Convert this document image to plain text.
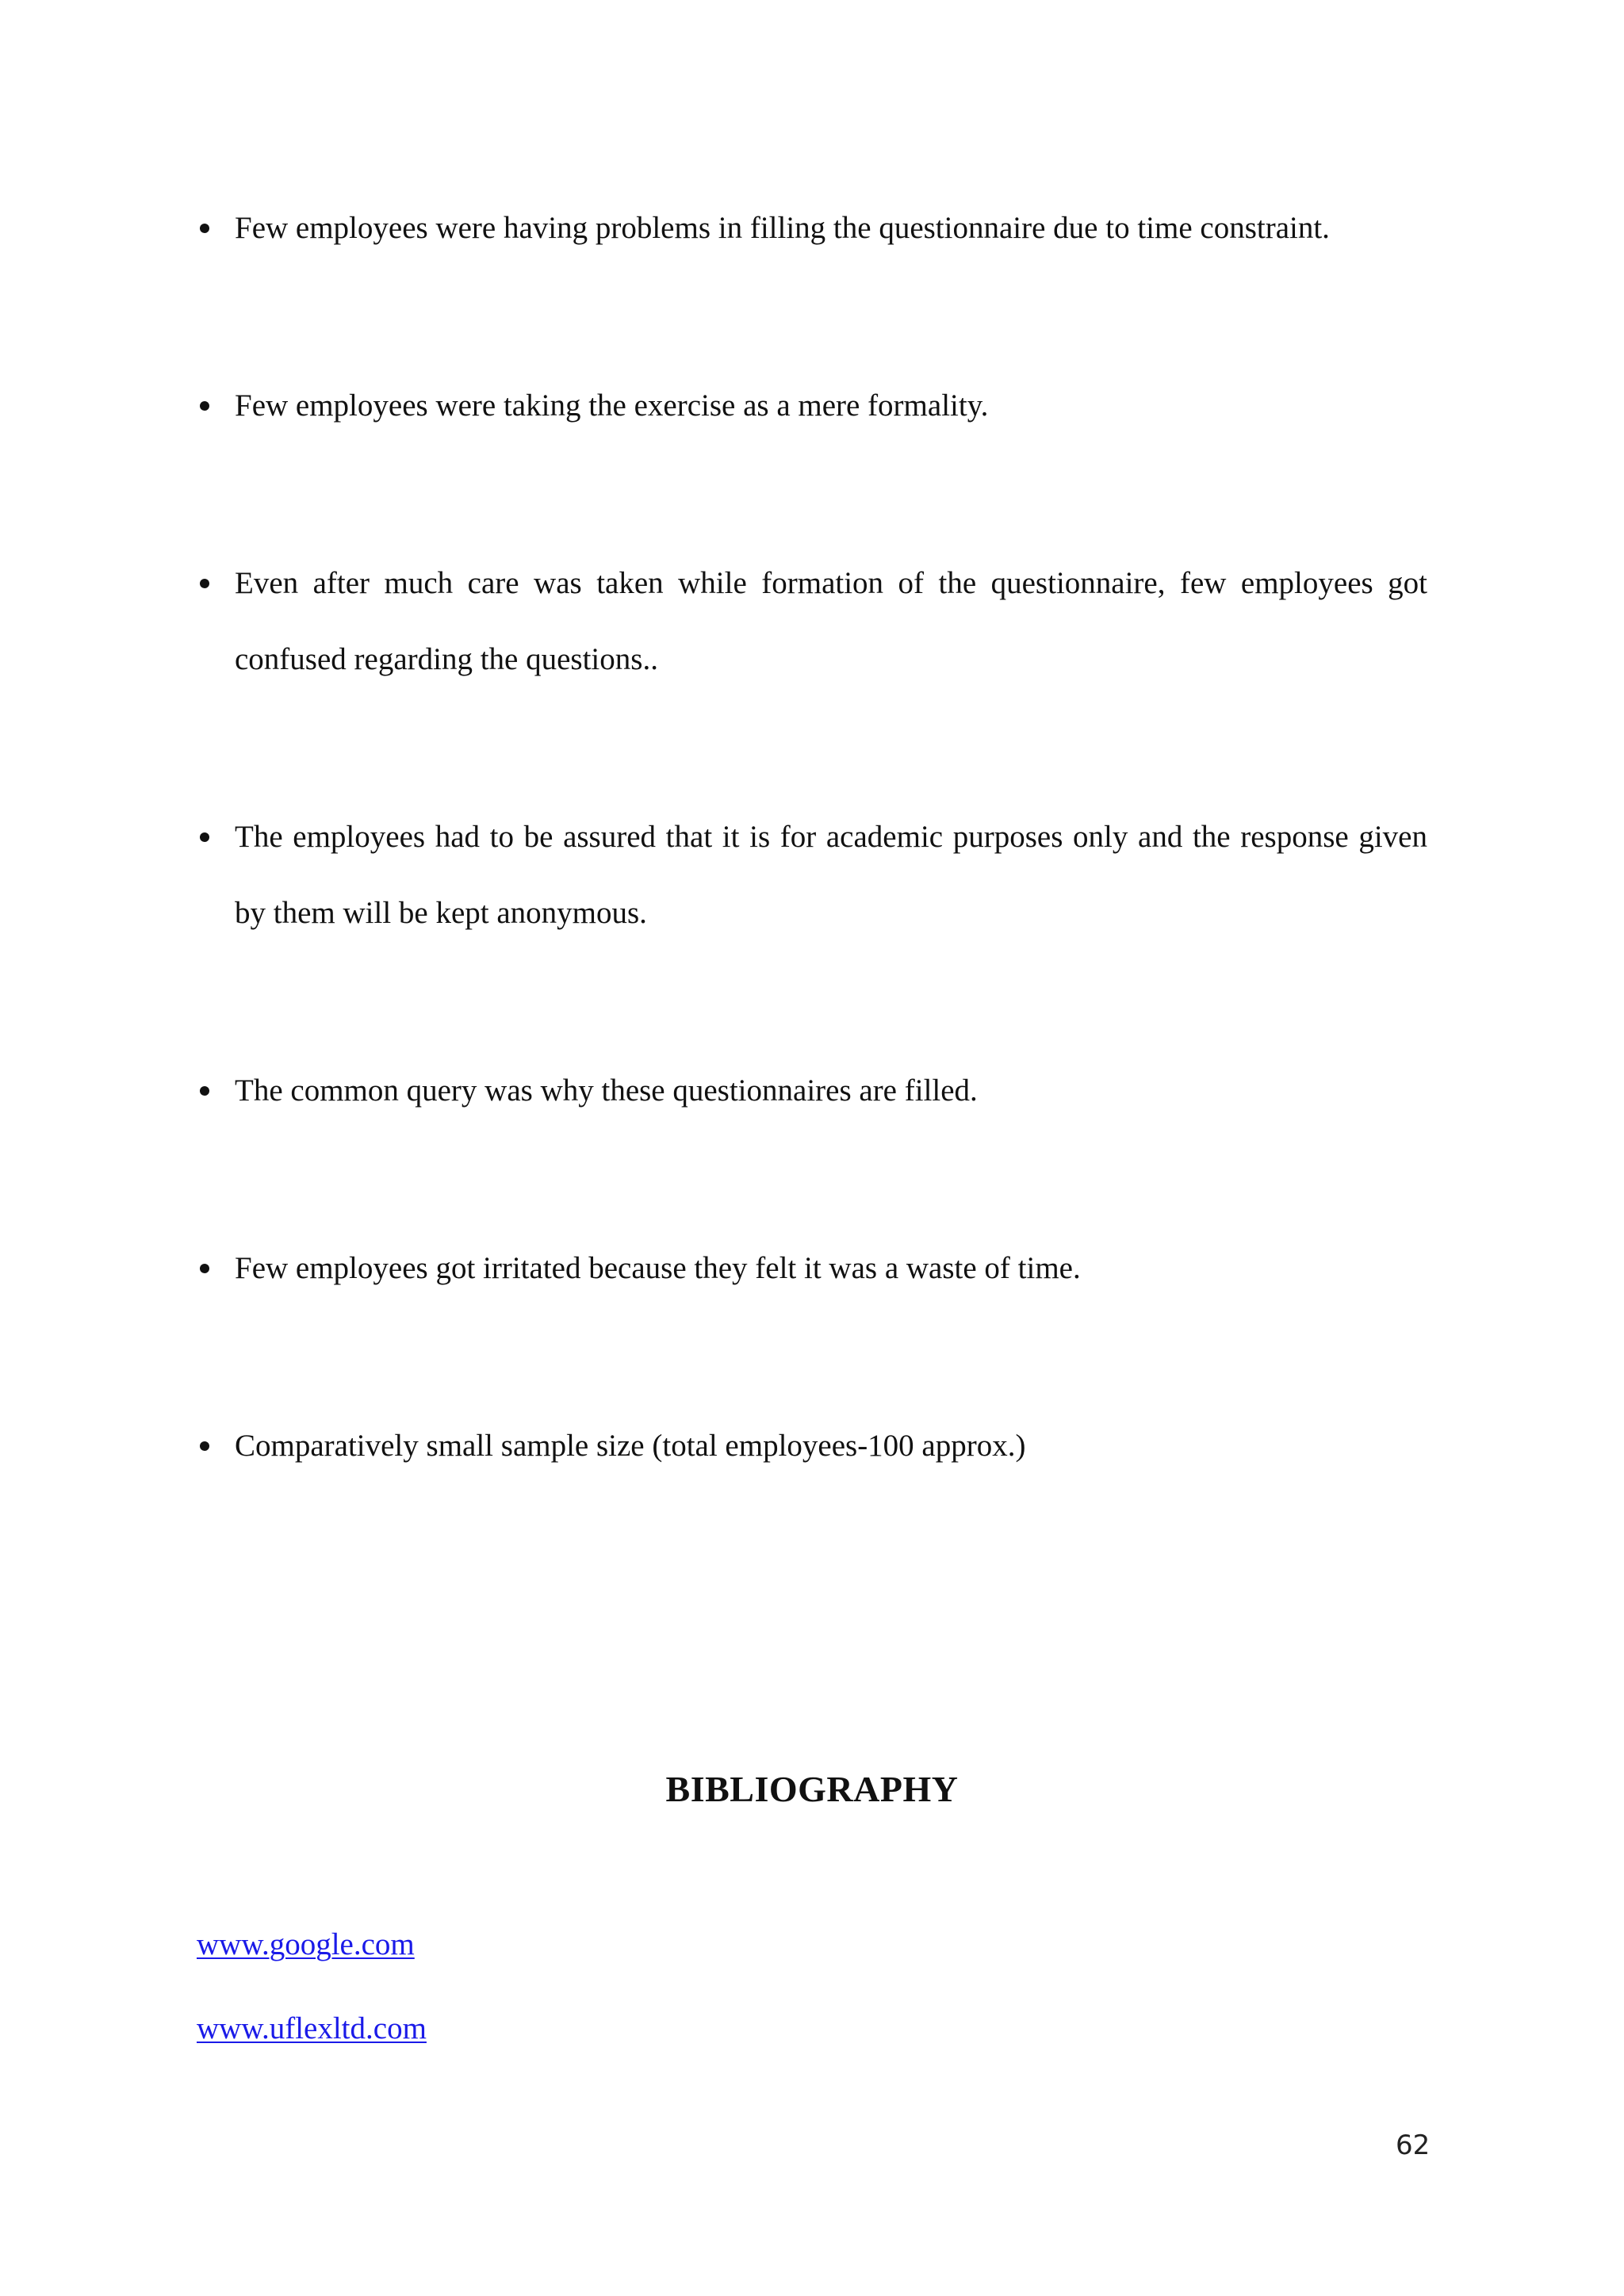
Few employees were having problems in filling the questionnaire due to time constraint.
Few employees were taking the exercise as a mere formality.
Even after much care was taken while formation of the questionnaire, few employees got confused regarding the questions..
The employees had to be assured that it is for academic purposes only and the response given by them will be kept anonymous.
The common query was why these questionnaires are filled.
Few employees got irritated because they felt it was a waste of time.
Comparatively small sample size (total employees-100 approx.)
BIBLIOGRAPHY
www.google.com
www.uflexltd.com
62
